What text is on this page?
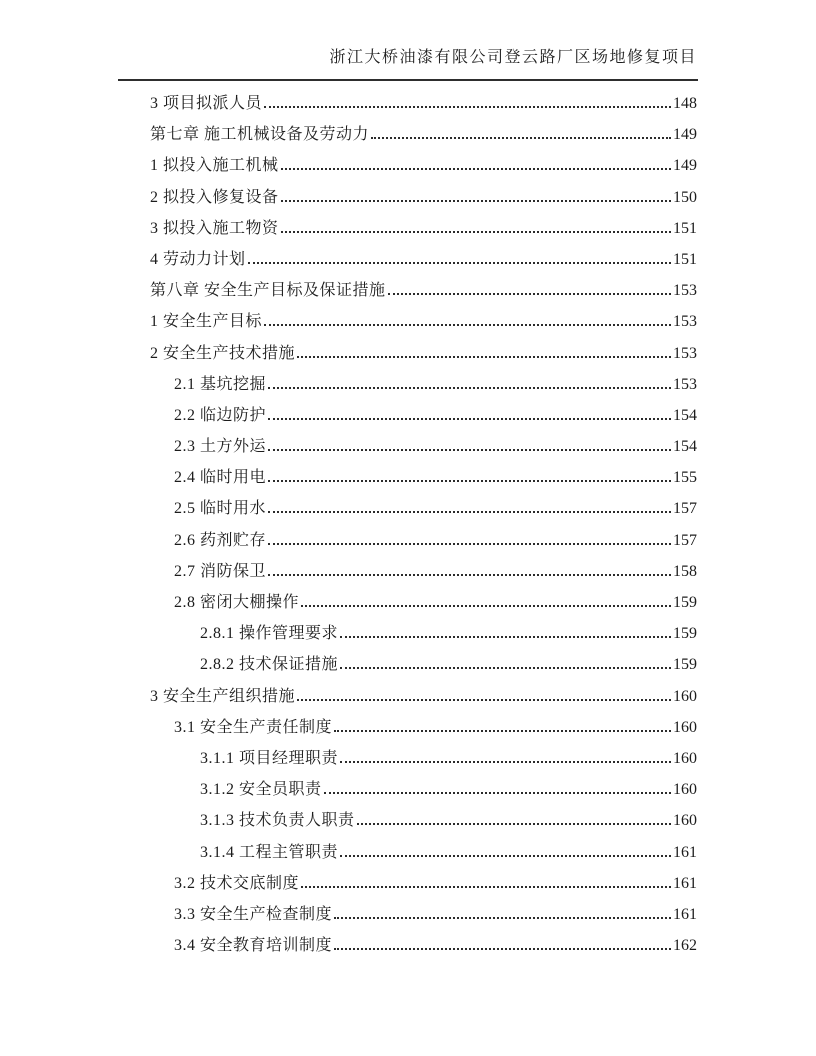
浙江大桥油漆有限公司登云路厂区场地修复项目
3 项目拟派人员	148
第七章 施工机械设备及劳动力	149
1 拟投入施工机械	149
2 拟投入修复设备	150
3 拟投入施工物资	151
4 劳动力计划	151
第八章 安全生产目标及保证措施	153
1 安全生产目标	153
2 安全生产技术措施	153
2.1 基坑挖掘	153
2.2 临边防护	154
2.3 土方外运	154
2.4 临时用电	155
2.5 临时用水	157
2.6 药剂贮存	157
2.7 消防保卫	158
2.8 密闭大棚操作	159
2.8.1 操作管理要求	159
2.8.2 技术保证措施	159
3 安全生产组织措施	160
3.1 安全生产责任制度	160
3.1.1 项目经理职责	160
3.1.2 安全员职责	160
3.1.3 技术负责人职责	160
3.1.4 工程主管职责	161
3.2 技术交底制度	161
3.3 安全生产检查制度	161
3.4 安全教育培训制度	162
